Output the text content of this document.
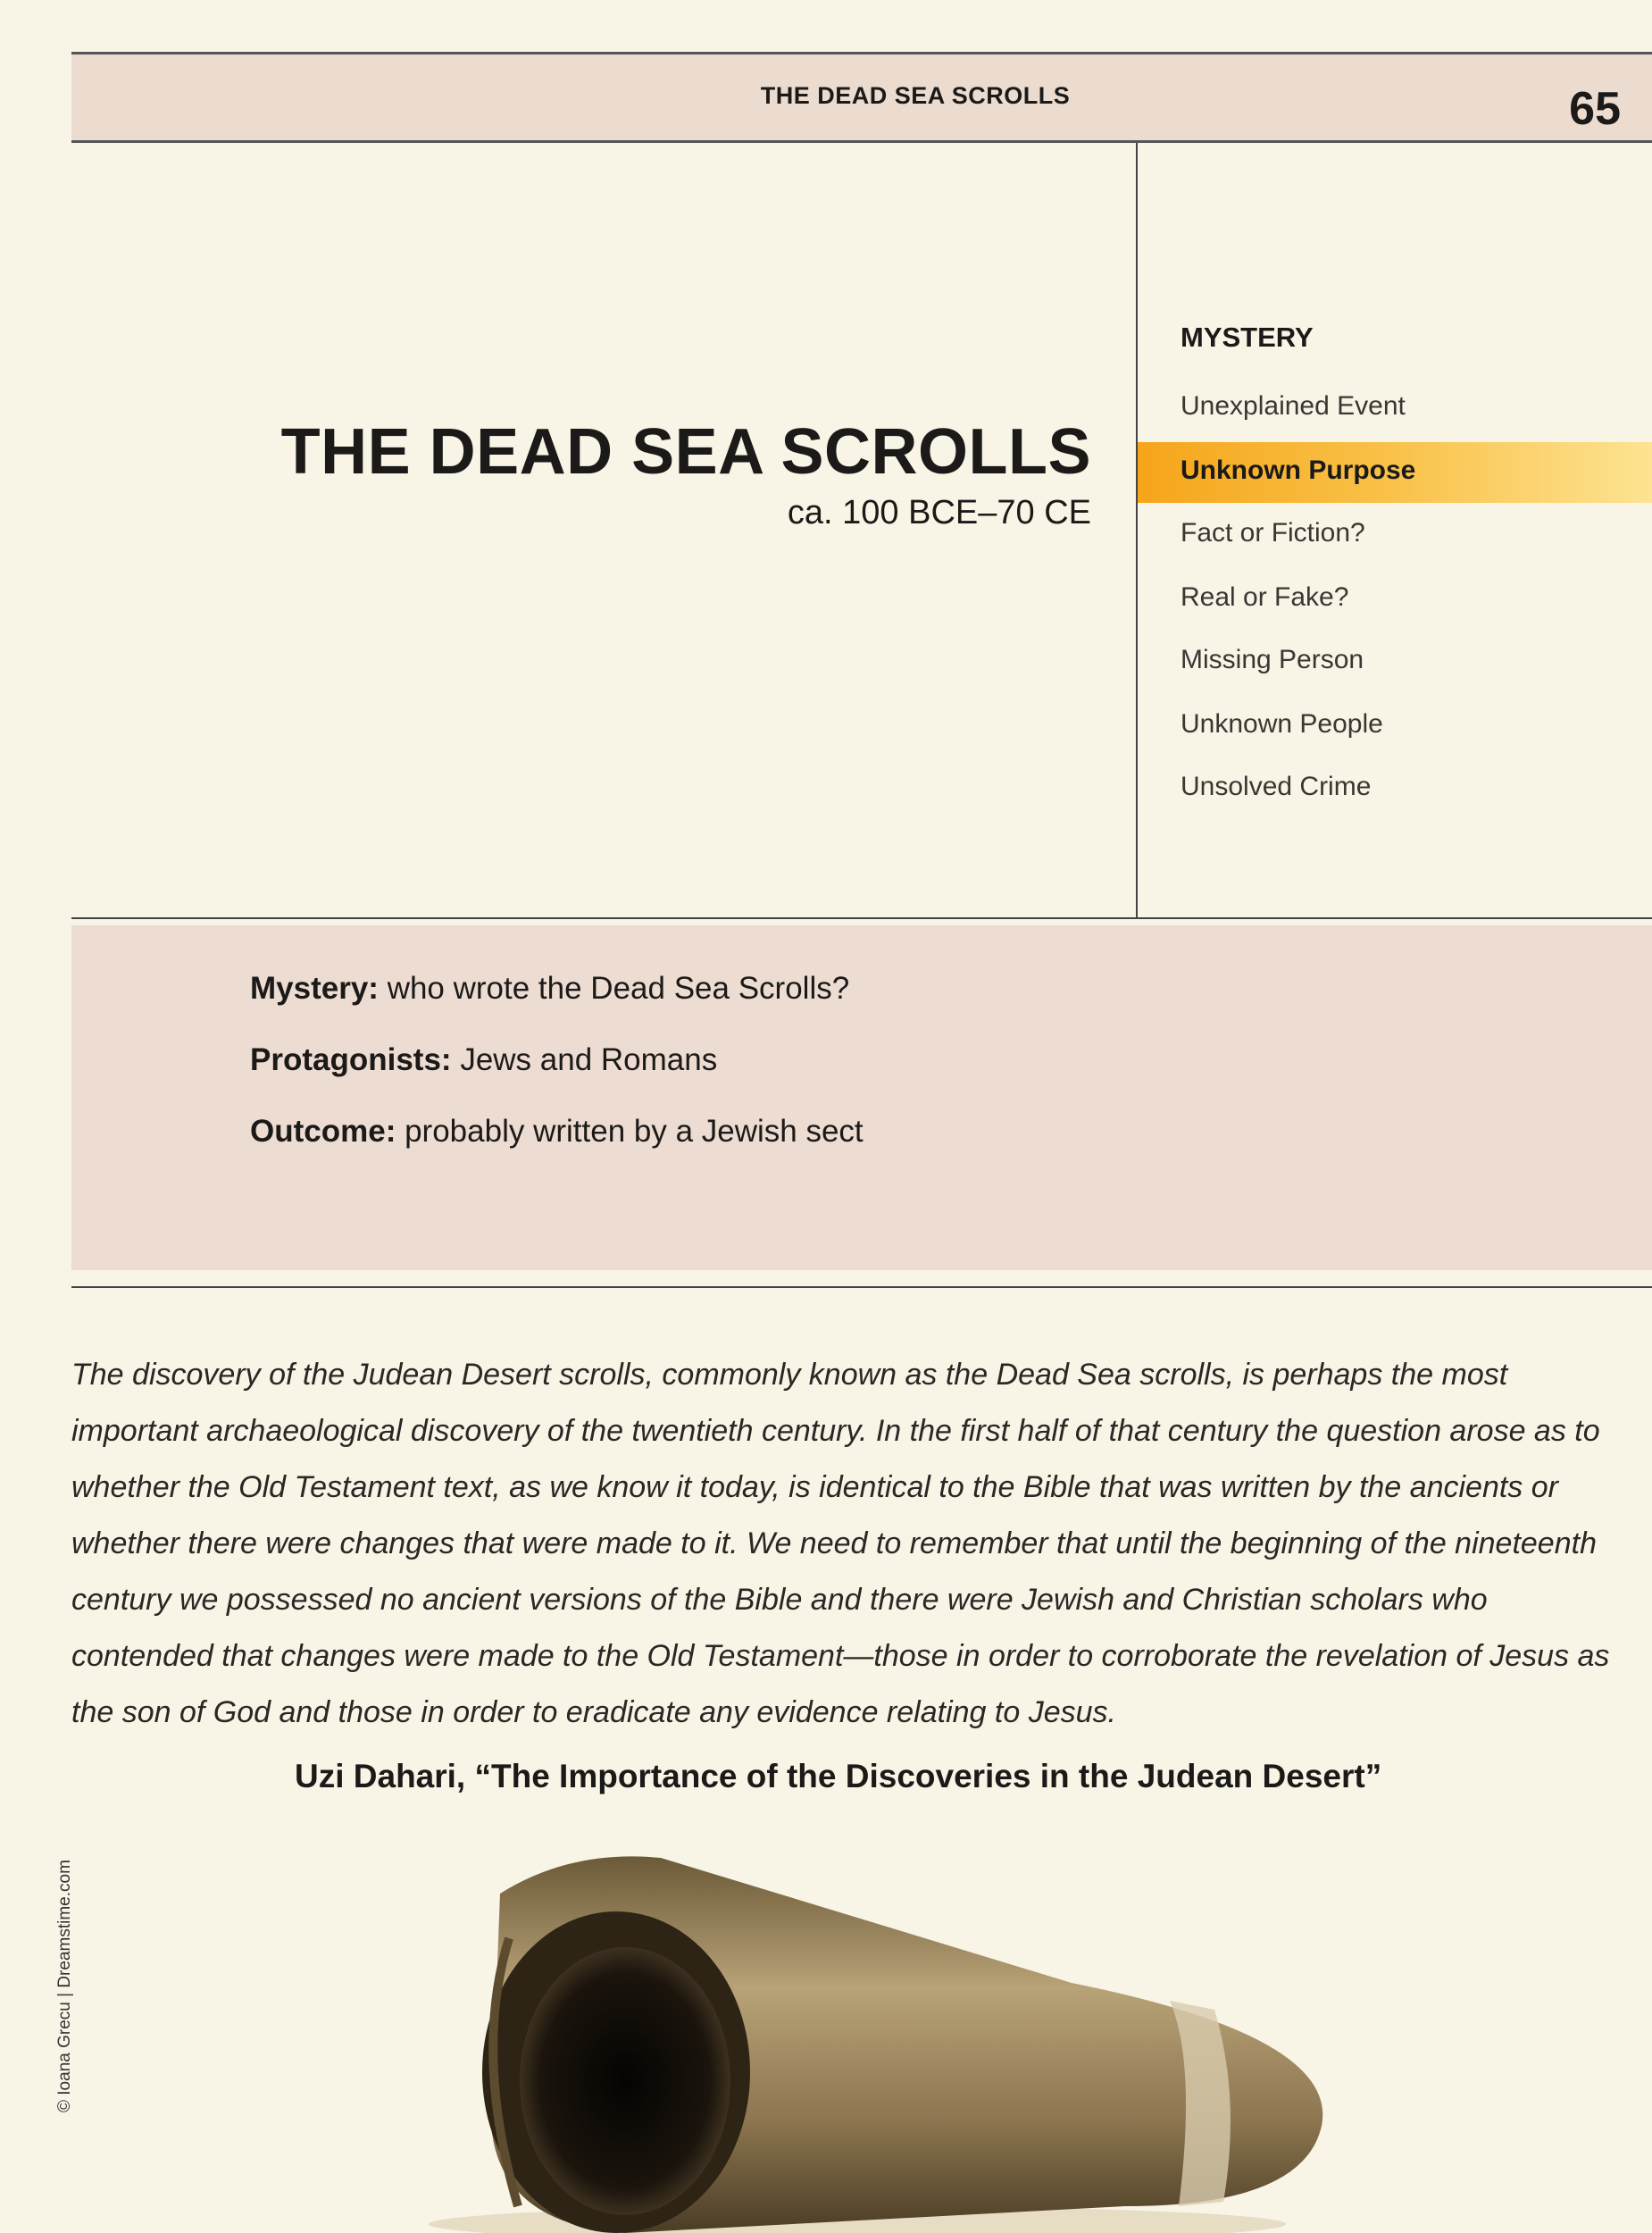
THE DEAD SEA SCROLLS	65
THE DEAD SEA SCROLLS
ca. 100 BCE–70 CE
MYSTERY
Unexplained Event
Unknown Purpose
Fact or Fiction?
Real or Fake?
Missing Person
Unknown People
Unsolved Crime
Mystery: who wrote the Dead Sea Scrolls?
Protagonists: Jews and Romans
Outcome: probably written by a Jewish sect
The discovery of the Judean Desert scrolls, commonly known as the Dead Sea scrolls, is perhaps the most important archaeological discovery of the twentieth century. In the first half of that century the question arose as to whether the Old Testament text, as we know it today, is identical to the Bible that was written by the ancients or whether there were changes that were made to it. We need to remember that until the beginning of the nineteenth century we possessed no ancient versions of the Bible and there were Jewish and Christian scholars who contended that changes were made to the Old Testament—those in order to corroborate the revelation of Jesus as the son of God and those in order to eradicate any evidence relating to Jesus.
Uzi Dahari, “The Importance of the Discoveries in the Judean Desert”
© Ioana Grecu | Dreamstime.com
